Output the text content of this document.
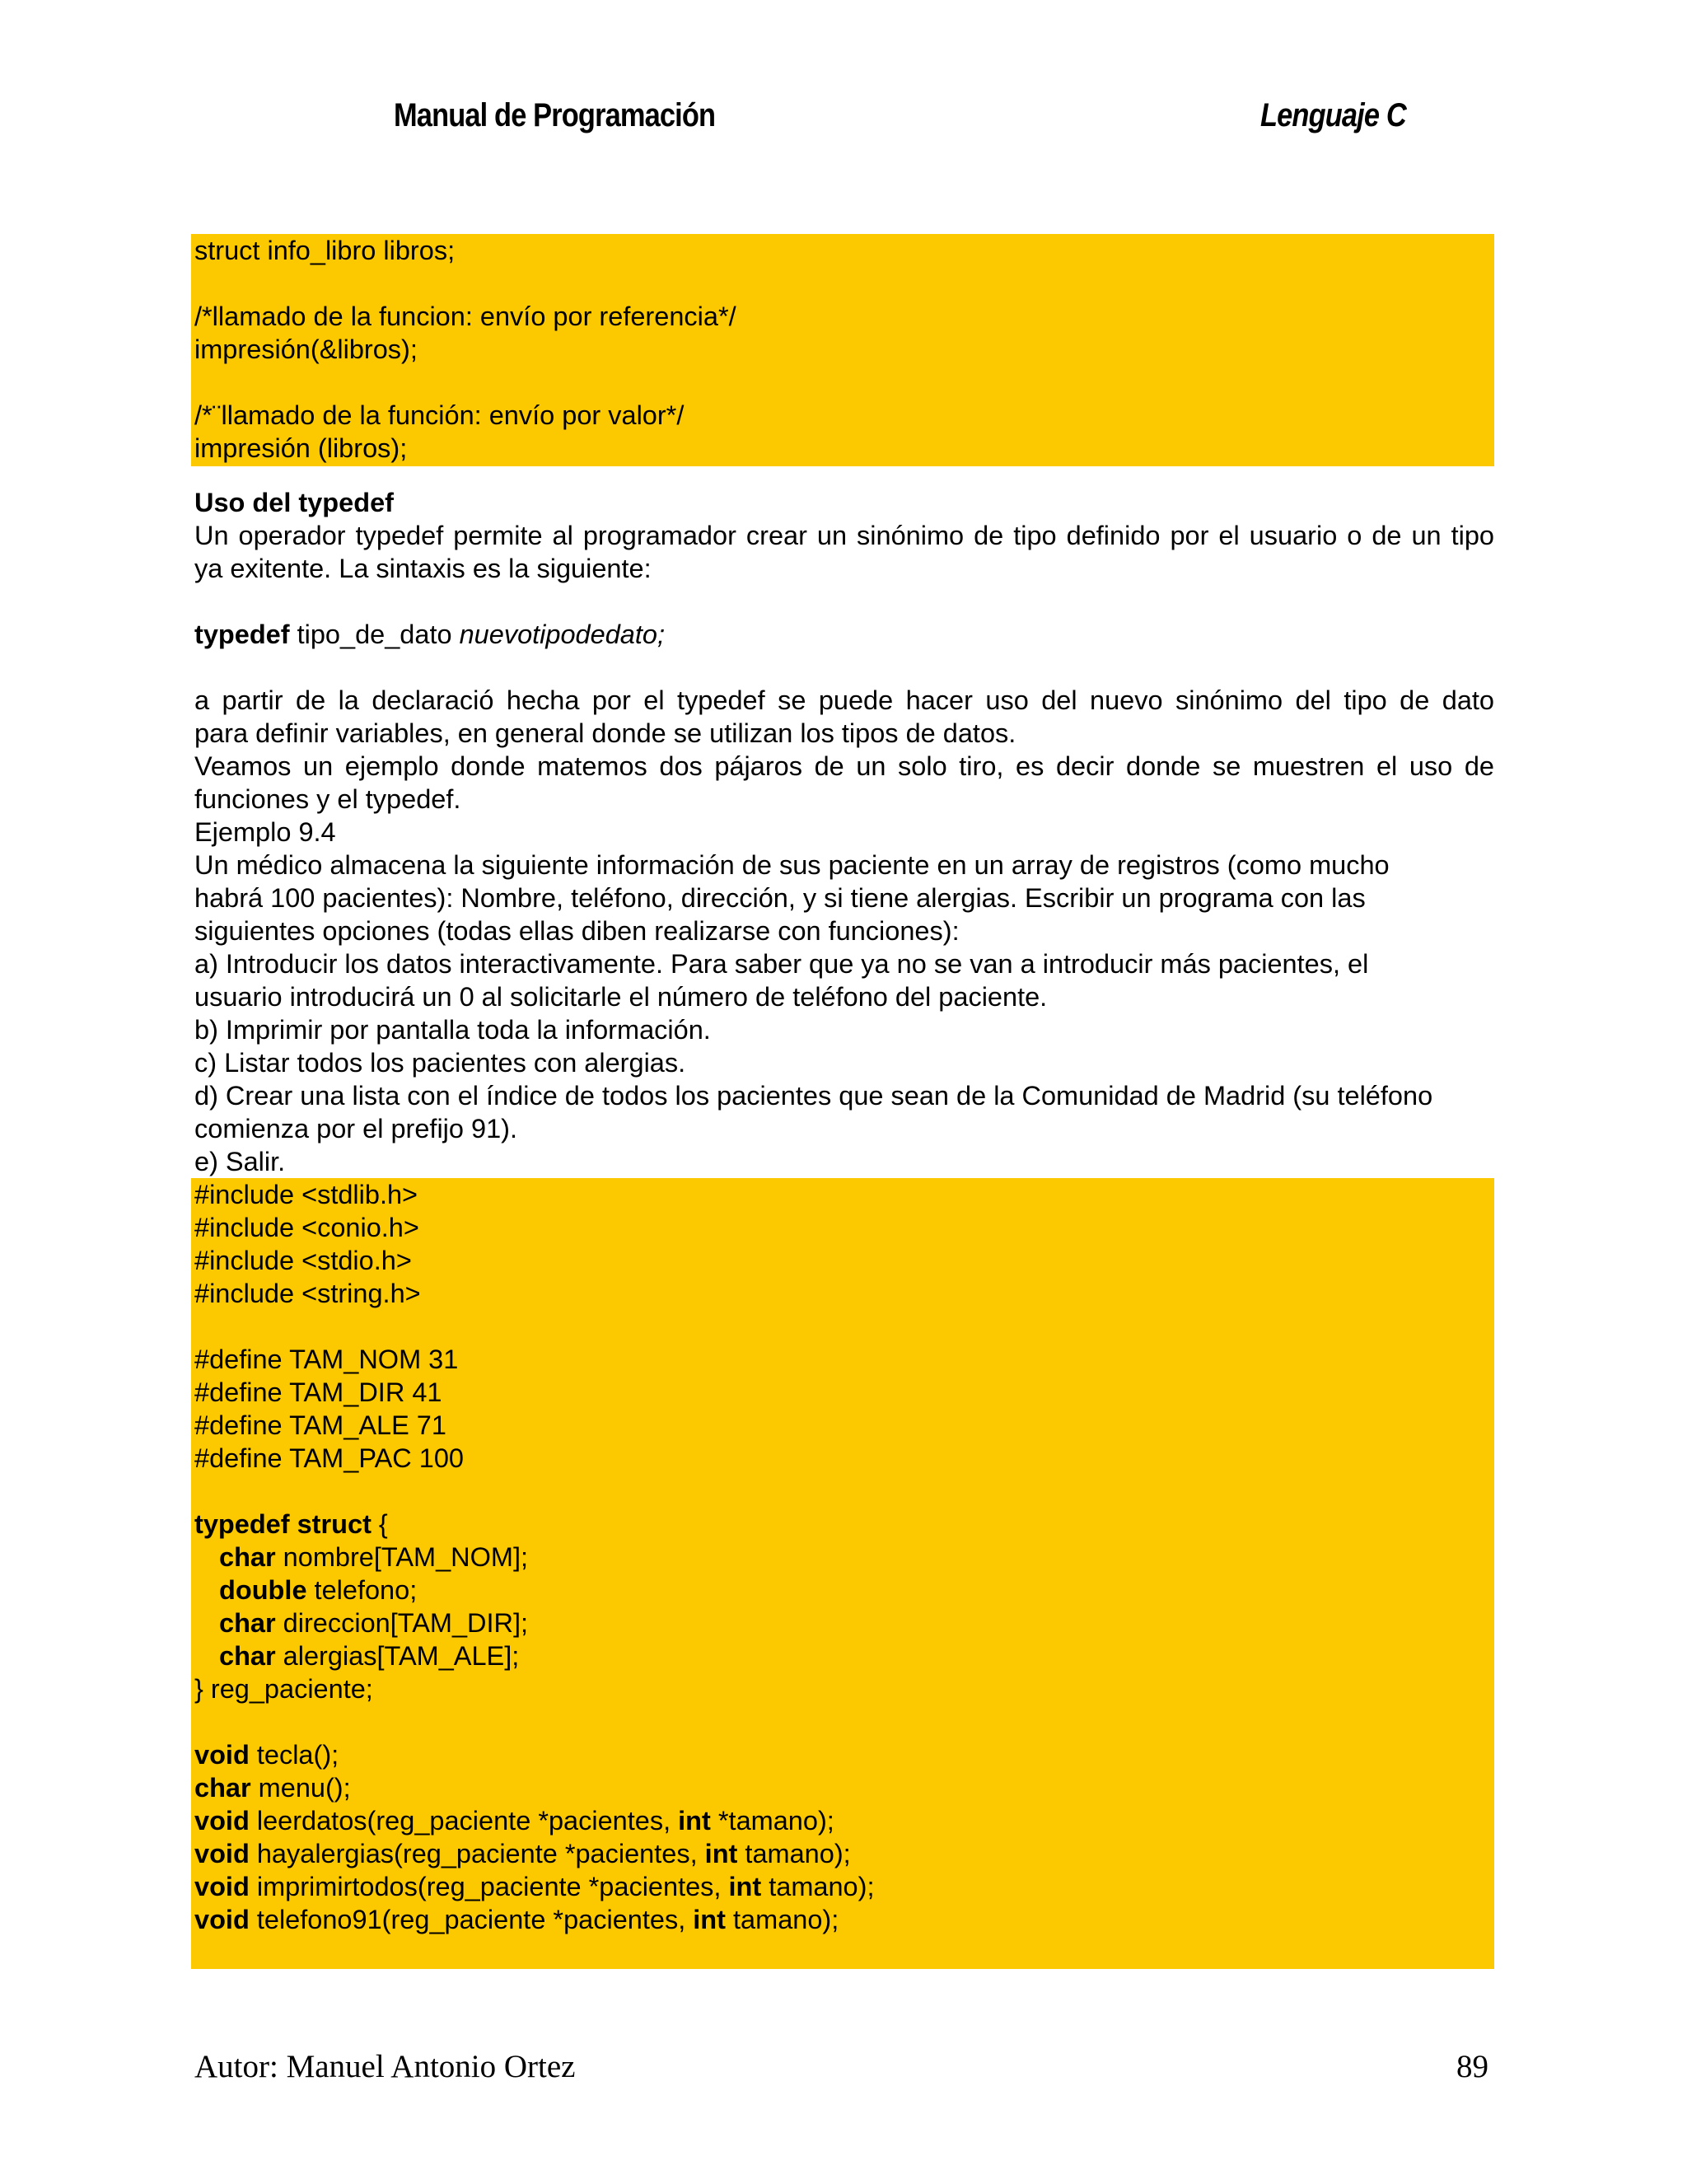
Manual de Programación	Lenguaje C
struct info_libro libros;
/*llamado de la funcion: envío por referencia*/
impresión(&libros);
/*¨llamado de la función: envío por valor*/
impresión (libros);
Uso del typedef
Un operador typedef permite al programador crear un sinónimo de tipo definido por el usuario o de un tipo
ya exitente. La sintaxis es la siguiente:
typedef tipo_de_dato nuevotipodedato;
a partir de la declaració hecha por el typedef se puede hacer uso del nuevo sinónimo del tipo de dato
para definir variables, en general donde se utilizan los tipos de datos.
Veamos un ejemplo donde matemos dos pájaros de un solo tiro, es decir donde se muestren el uso de
funciones y el typedef.
Ejemplo 9.4
Un médico almacena la siguiente información de sus paciente en un array de registros (como mucho
habrá 100 pacientes): Nombre, teléfono, dirección, y si tiene alergias. Escribir un programa con las
siguientes opciones (todas ellas diben realizarse con funciones):
a) Introducir los datos interactivamente. Para saber que ya no se van a introducir más pacientes, el
usuario introducirá un 0 al solicitarle el número de teléfono del paciente.
b) Imprimir por pantalla toda la información.
c) Listar todos los pacientes con alergias.
d) Crear una lista con el índice de todos los pacientes que sean de la Comunidad de Madrid (su teléfono
comienza por el prefijo 91).
e) Salir.
#include <stdlib.h>
#include <conio.h>
#include <stdio.h>
#include <string.h>
#define TAM_NOM 31
#define TAM_DIR 41
#define TAM_ALE 71
#define TAM_PAC 100
typedef struct {
char nombre[TAM_NOM];
double telefono;
char direccion[TAM_DIR];
char alergias[TAM_ALE];
} reg_paciente;
void tecla();
char menu();
void leerdatos(reg_paciente *pacientes, int *tamano);
void hayalergias(reg_paciente *pacientes, int tamano);
void imprimirtodos(reg_paciente *pacientes, int tamano);
void telefono91(reg_paciente *pacientes, int tamano);
Autor: Manuel Antonio Ortez	89
